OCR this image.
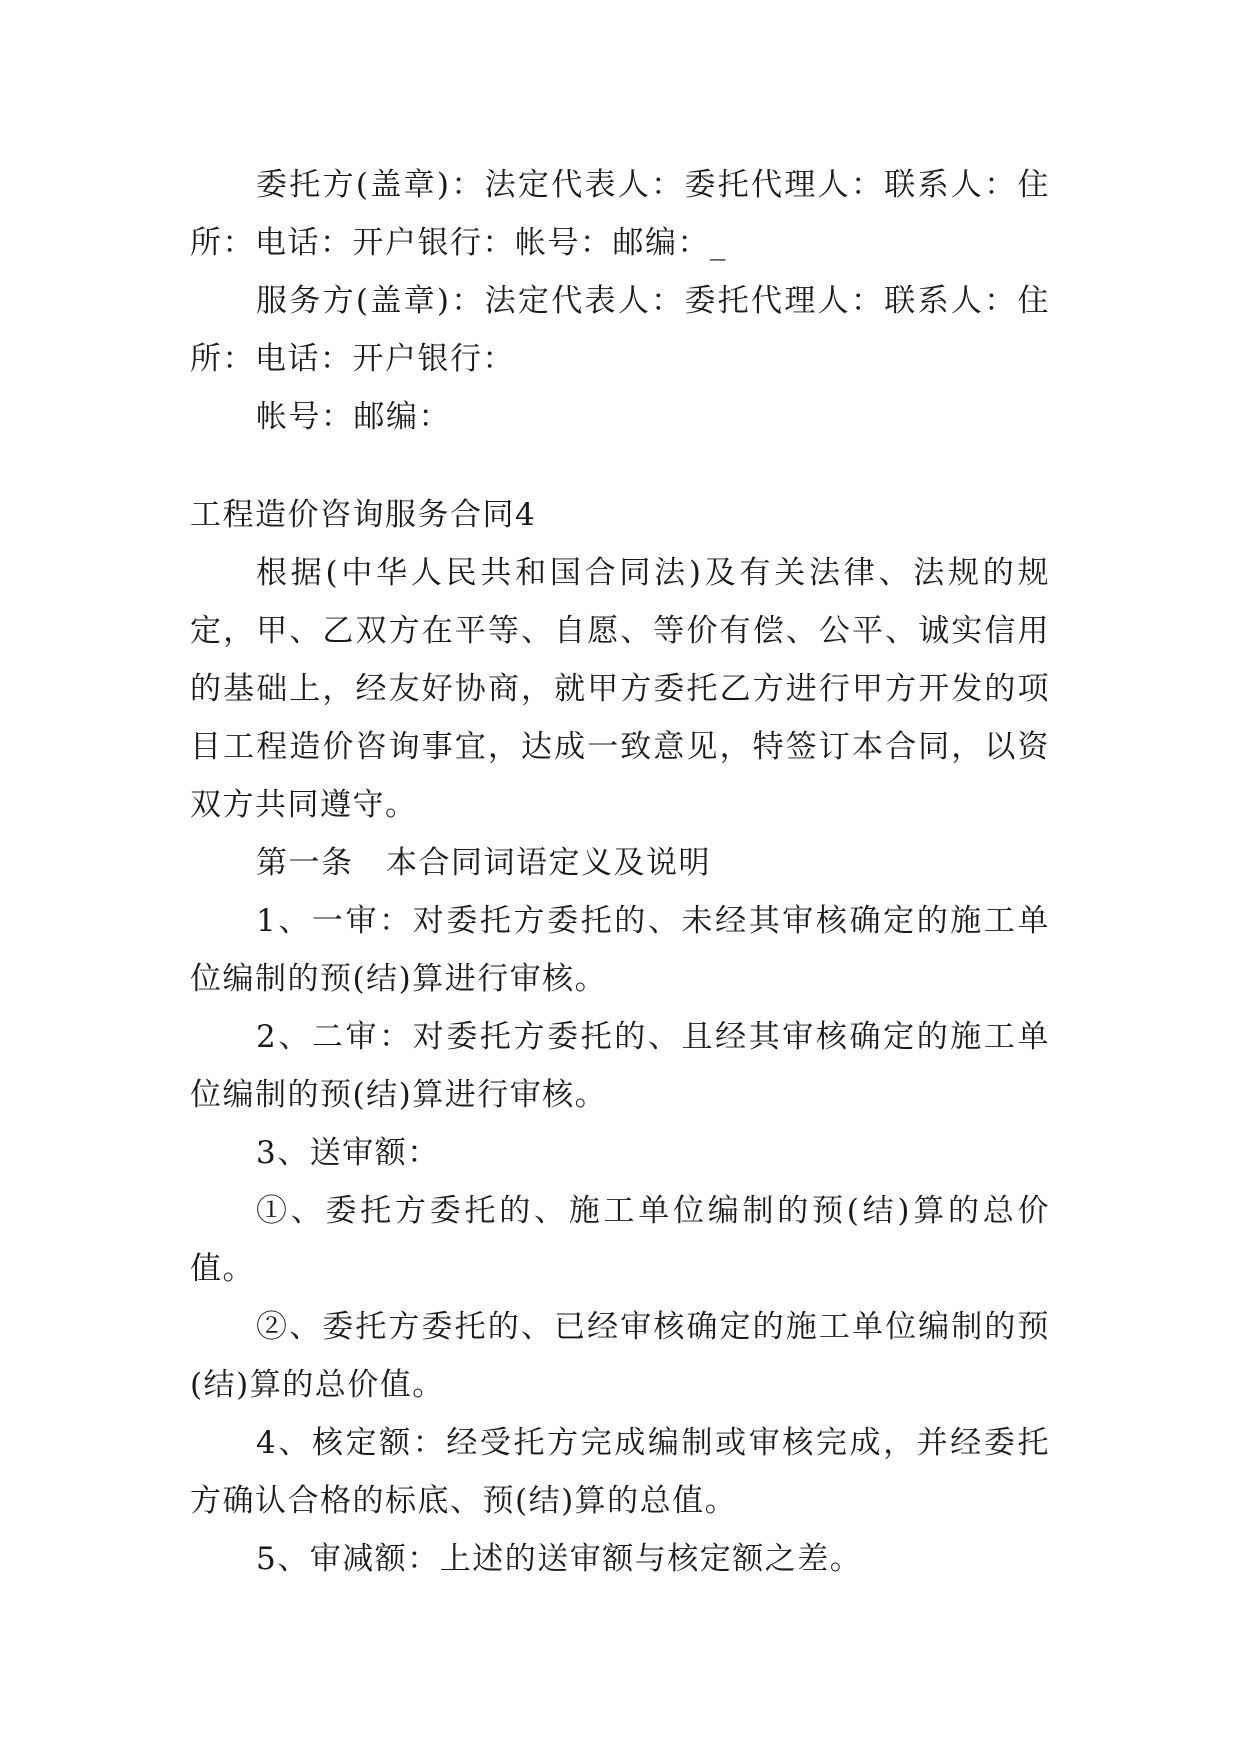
委托方(盖章)：法定代表人：委托代理人：联系人：住所：电话：开户银行：帐号：邮编：_

服务方(盖章)：法定代表人：委托代理人：联系人：住所：电话：开户银行：

帐号：邮编：

工程造价咨询服务合同4

根据(中华人民共和国合同法)及有关法律、法规的规定，甲、乙双方在平等、自愿、等价有偿、公平、诚实信用的基础上，经友好协商，就甲方委托乙方进行甲方开发的项目工程造价咨询事宜，达成一致意见，特签订本合同，以资双方共同遵守。

第一条　本合同词语定义及说明

1、一审：对委托方委托的、未经其审核确定的施工单位编制的预(结)算进行审核。

2、二审：对委托方委托的、且经其审核确定的施工单位编制的预(结)算进行审核。

3、送审额：

①、委托方委托的、施工单位编制的预(结)算的总价值。

②、委托方委托的、已经审核确定的施工单位编制的预(结)算的总价值。

4、核定额：经受托方完成编制或审核完成，并经委托方确认合格的标底、预(结)算的总值。

5、审减额：上述的送审额与核定额之差。
